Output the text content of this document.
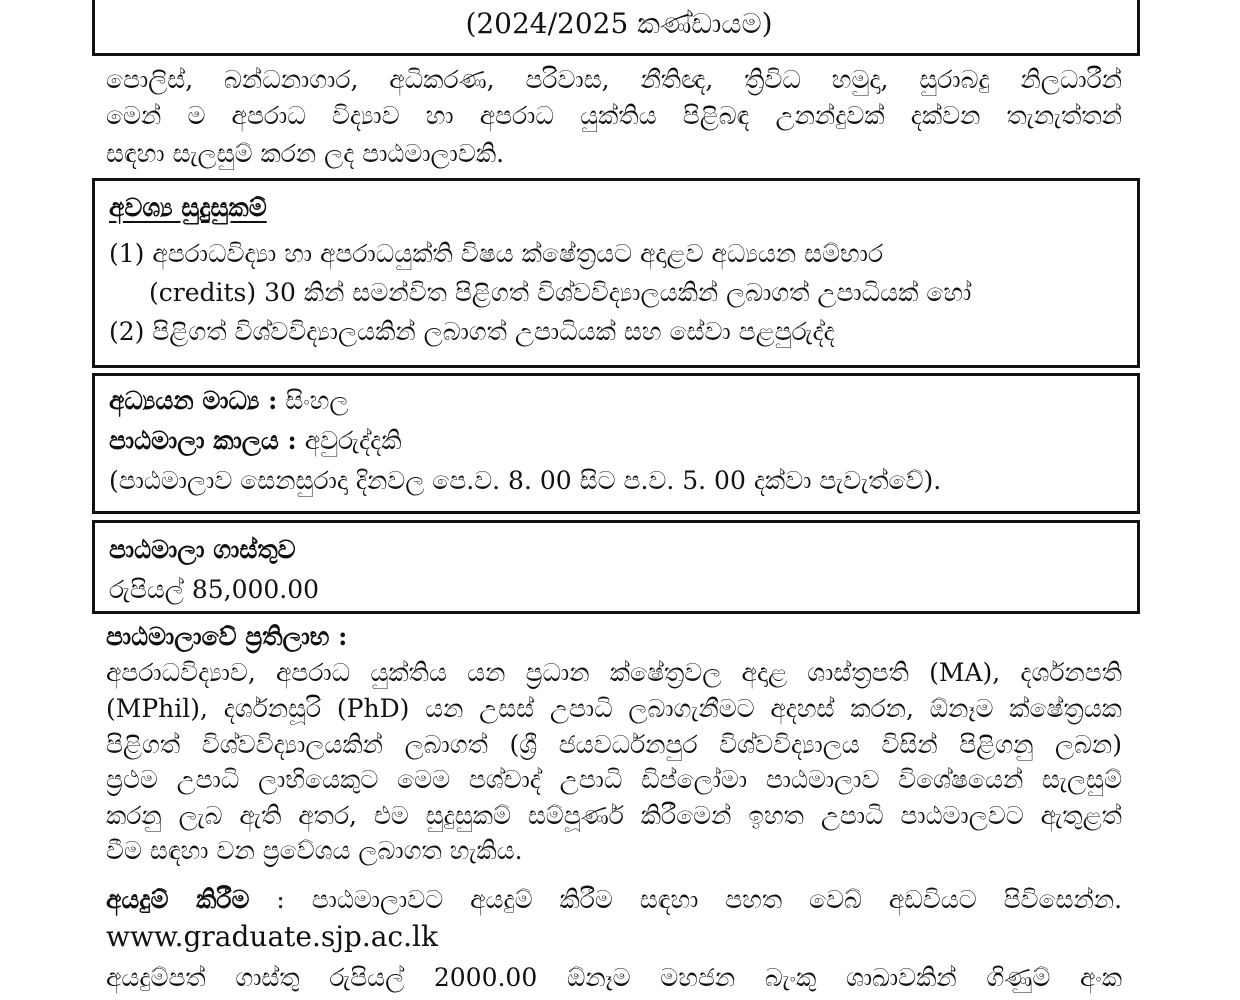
(2024/2025 කණ්ඩායම)
පොලිස්, බන්ධනාගාර, අධිකරණ, පරිවාස, නීතිඥ, ත්‍රිවිධ හමුදා, සුරාබදු නිලධාරීන්
මෙන් ම අපරාධ විද්‍යාව හා අපරාධ යුක්තිය පිළිබඳ උනන්දුවක් දක්වන තැනැත්තන්
සඳහා සැලසුම් කරන ලද පාඨමාලාවකි.
අවශ්‍ය සුදුසුකම්
(1) අපරාධවිද්‍යා හා අපරාධයුක්ති විෂය ක්ෂේත්‍රයට අදාළව අධ්‍යයන සම්භාර
(credits) 30 කින් සමන්විත පිළිගත් විශ්වවිද්‍යාලයකින් ලබාගත් උපාධියක් හෝ
(2) පිළිගත් විශ්වවිද්‍යාලයකින් ලබාගත් උපාධියක් සහ සේවා පළපුරුද්ද
අධ්‍යයන මාධ්‍ය : සිංහල
පාඨමාලා කාලය : අවුරුද්දකි
(පාඨමාලාව සෙනසුරාදා දිනවල පෙ.ව. 8. 00 සිට ප.ව. 5. 00 දක්වා පැවැත්වේ).
පාඨමාලා ගාස්තුව
රුපියල් 85,000.00
පාඨමාලාවේ ප්‍රතිලාභ :
අපරාධවිද්‍යාව, අපරාධ යුක්තිය යන ප්‍රධාන ක්ෂේත්‍රවල අදාළ ශාස්ත්‍රපති (MA), දර්ශනපති
(MPhil), දර්ශනසූරි (PhD) යන උසස් උපාධි ලබාගැනීමට අදහස් කරන, ඕනෑම ක්ෂේත්‍රයක
පිළිගත් විශ්වවිද්‍යාලයකින් ලබාගත් (ශ්‍රී ජයවර්ධනපුර විශ්වවිද්‍යාලය විසින් පිළිගනු ලබන)
ප්‍රථම උපාධි ලාභියෙකුට මෙම පශ්චාද් උපාධි ඩිප්ලෝමා පාඨමාලාව විශේෂයෙන් සැලසුම්
කරනු ලැබ ඇති අතර, එම සුදුසුකම් සම්පූර්ණ කිරීමෙන් ඉහත උපාධි පාඨමාලවට ඇතුළත්
වීම සඳහා වන ප්‍රවේශය ලබාගත හැකිය.
අයදුම් කිරීම : පාඨමාලාවට අයදුම් කිරීම සඳහා පහත වෙබ් අඩවියට පිවිසෙන්න.
www.graduate.sjp.ac.lk
අයදුම්පත් ගාස්තු රුපියල් 2000.00 ඕනෑම මහජන බැංකු ශාඛාවකින් ගිණුම් අංක
